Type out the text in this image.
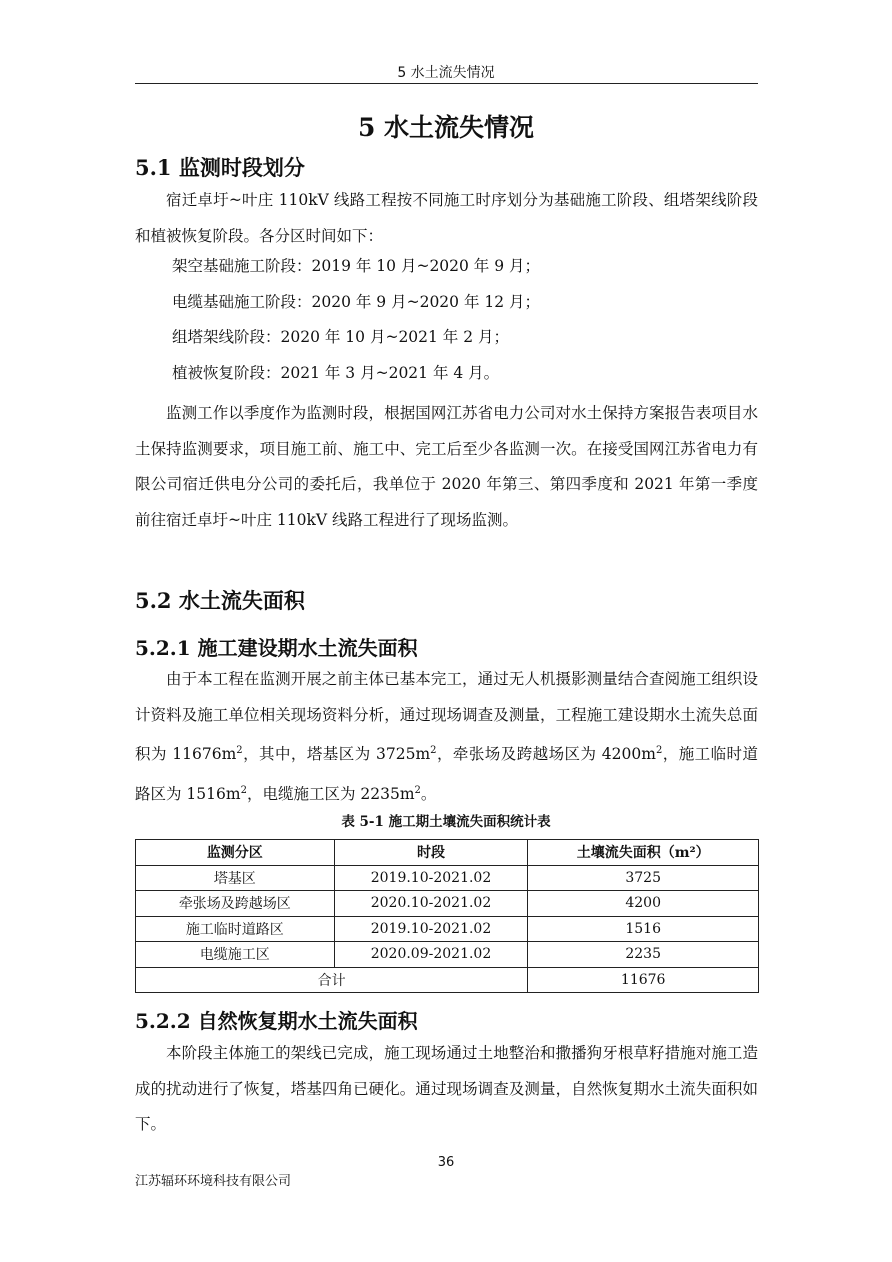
5 水土流失情况
5 水土流失情况
5.1 监测时段划分
宿迁卓圩~叶庄 110kV 线路工程按不同施工时序划分为基础施工阶段、组塔架线阶段和植被恢复阶段。各分区时间如下：
架空基础施工阶段：2019 年 10 月~2020 年 9 月；
电缆基础施工阶段：2020 年 9 月~2020 年 12 月；
组塔架线阶段：2020 年 10 月~2021 年 2 月；
植被恢复阶段：2021 年 3 月~2021 年 4 月。
监测工作以季度作为监测时段，根据国网江苏省电力公司对水土保持方案报告表项目水土保持监测要求，项目施工前、施工中、完工后至少各监测一次。在接受国网江苏省电力有限公司宿迁供电分公司的委托后，我单位于 2020 年第三、第四季度和 2021 年第一季度前往宿迁卓圩~叶庄 110kV 线路工程进行了现场监测。
5.2 水土流失面积
5.2.1 施工建设期水土流失面积
由于本工程在监测开展之前主体已基本完工，通过无人机摄影测量结合查阅施工组织设计资料及施工单位相关现场资料分析，通过现场调查及测量，工程施工建设期水土流失总面积为 $11676m^2$，其中，塔基区为 $3725m^2$，牵张场及跨越场区为 $4200m^2$，施工临时道路区为 $1516m^2$，电缆施工区为 $2235m^2$。
表 5-1 施工期土壤流失面积统计表
监测分区	时段	土壤流失面积（m²）
塔基区	2019.10-2021.02	3725
牵张场及跨越场区	2020.10-2021.02	4200
施工临时道路区	2019.10-2021.02	1516
电缆施工区	2020.09-2021.02	2235
合计		11676
5.2.2 自然恢复期水土流失面积
本阶段主体施工的架线已完成，施工现场通过土地整治和撒播狗牙根草籽措施对施工造成的扰动进行了恢复，塔基四角已硬化。通过现场调查及测量，自然恢复期水土流失面积如下。
36
江苏辐环环境科技有限公司
